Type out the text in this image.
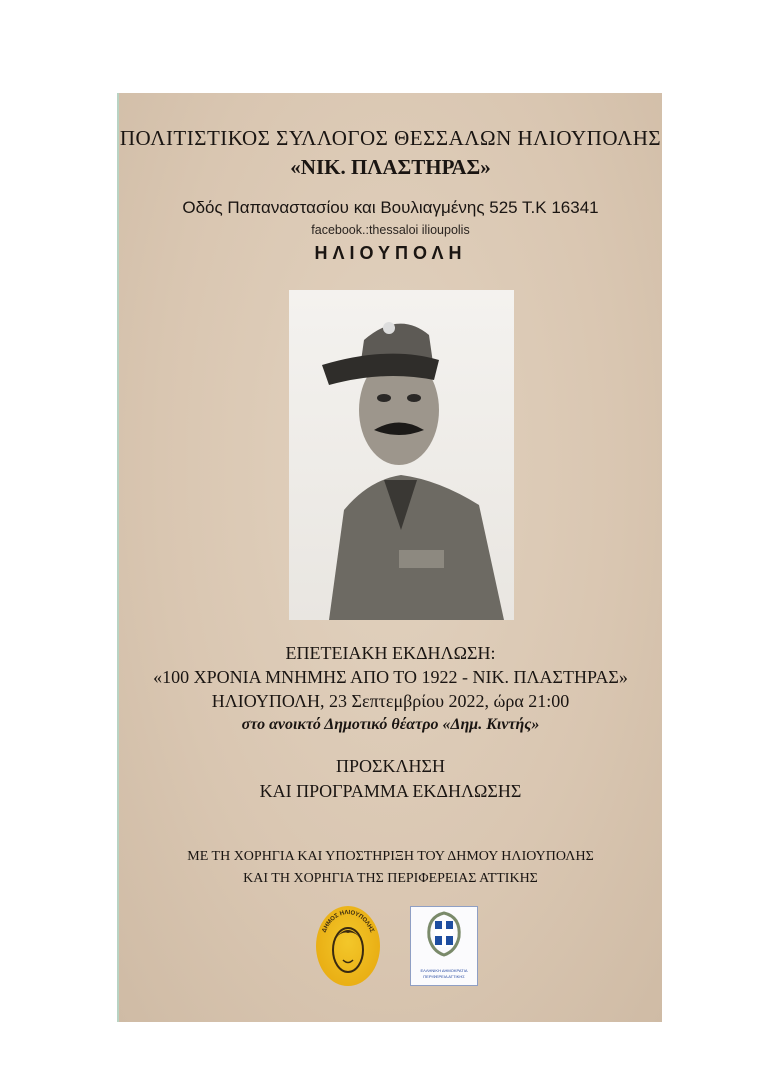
ΠΟΛΙΤΙΣΤΙΚΟΣ ΣΥΛΛΟΓΟΣ ΘΕΣΣΑΛΩΝ ΗΛΙΟΥΠΟΛΗΣ
«ΝΙΚ. ΠΛΑΣΤΗΡΑΣ»
Οδός Παπαναστασίου και Βουλιαγμένης 525 Τ.Κ 16341
facebook.:thessaloi ilioupolis
ΗΛΙΟΥΠΟΛΗ
ΕΠΕΤΕΙΑΚΗ ΕΚΔΗΛΩΣΗ:
«100 ΧΡΟΝΙΑ ΜΝΗΜΗΣ ΑΠΟ ΤΟ 1922 - ΝΙΚ. ΠΛΑΣΤΗΡΑΣ»
ΗΛΙΟΥΠΟΛΗ, 23 Σεπτεμβρίου 2022, ώρα 21:00
στο ανοικτό Δημοτικό θέατρο «Δημ. Κιντής»
ΠΡΟΣΚΛΗΣΗ
ΚΑΙ ΠΡΟΓΡΑΜΜΑ ΕΚΔΗΛΩΣΗΣ
ΜΕ ΤΗ ΧΟΡΗΓΙΑ ΚΑΙ ΥΠΟΣΤΗΡΙΞΗ ΤΟΥ ΔΗΜΟΥ ΗΛΙΟΥΠΟΛΗΣ
ΚΑΙ ΤΗ ΧΟΡΗΓΙΑ ΤΗΣ ΠΕΡΙΦΕΡΕΙΑΣ ΑΤΤΙΚΗΣ
ΔΗΜΟΣ ΗΛΙΟΥΠΟΛΗΣ
ΕΛΛΗΝΙΚΗ ΔΗΜΟΚΡΑΤΙΑ
ΠΕΡΙΦΕΡΕΙΑ ΑΤΤΙΚΗΣ
